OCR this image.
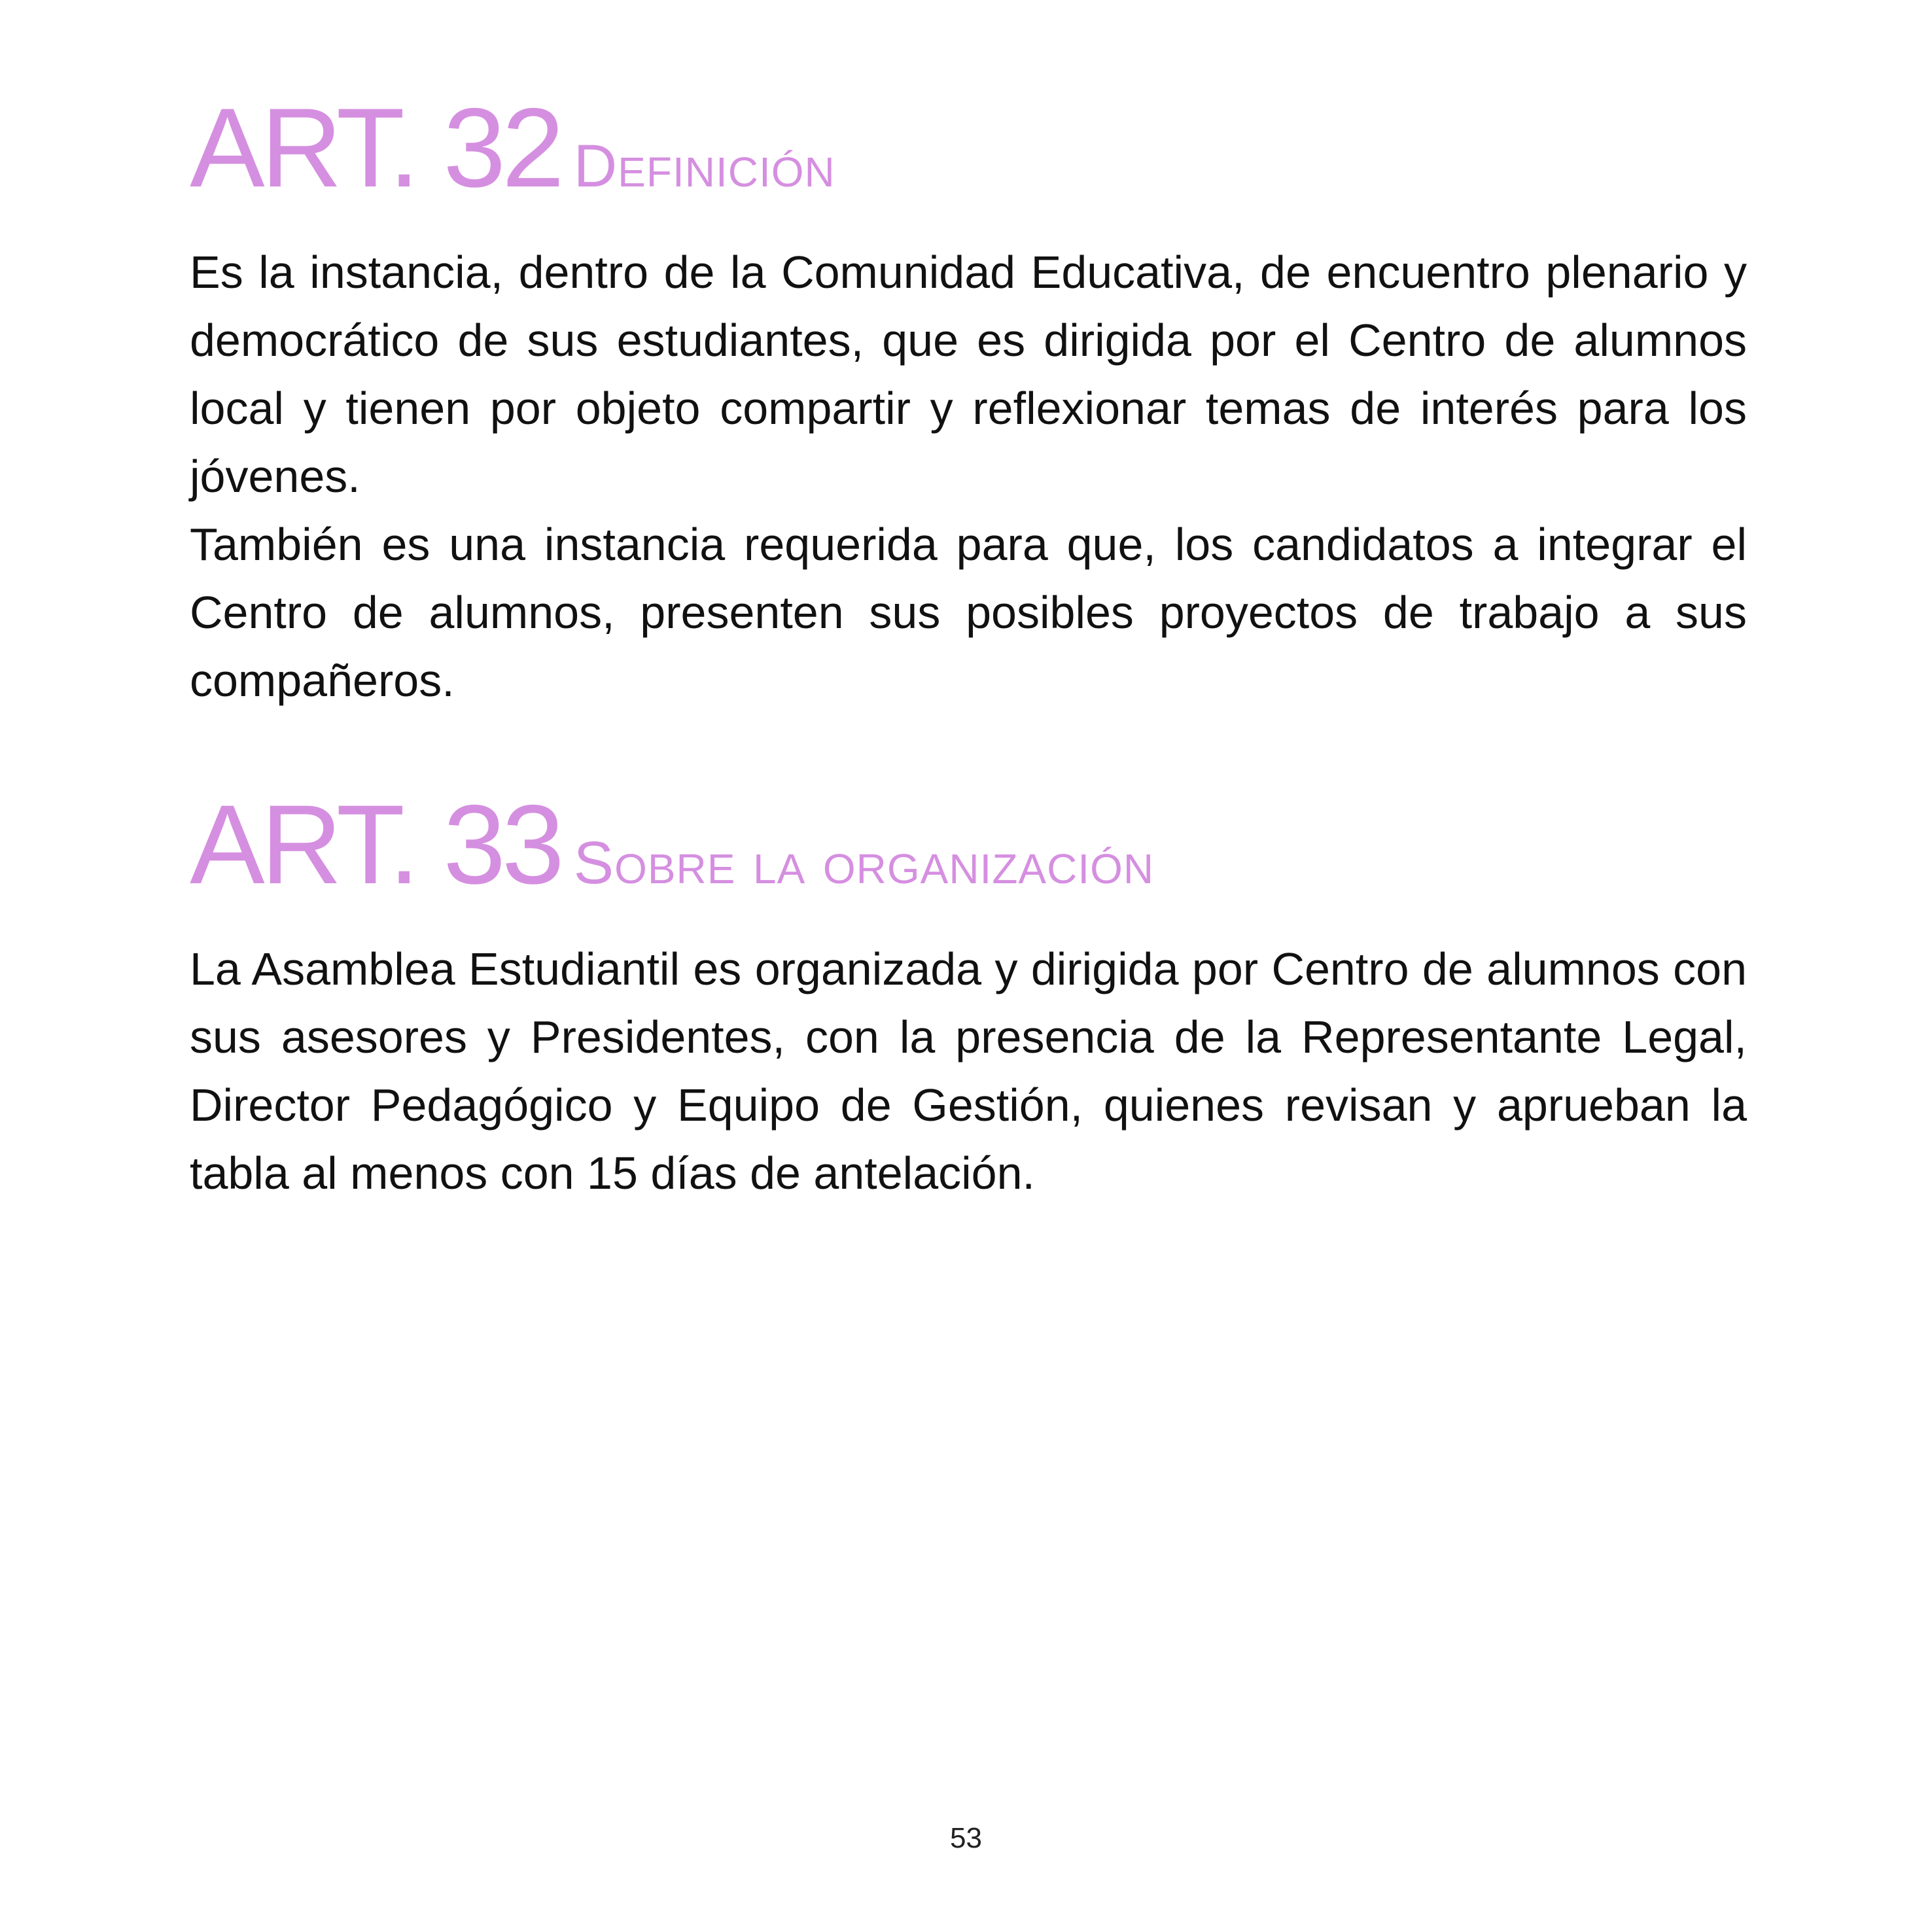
ART. 32 Definición

Es la instancia, dentro de la Comunidad Educativa, de encuentro plenario y democrático de sus estudiantes, que es dirigida por el Centro de alumnos local y tienen por objeto compartir y reflexionar temas de interés para los jóvenes.

También es una instancia requerida para que, los candidatos a integrar el Centro de alumnos, presenten sus posibles proyectos de trabajo a sus compañeros.

ART. 33 Sobre la organización

La Asamblea Estudiantil es organizada y dirigida por Centro de alumnos con sus asesores y Presidentes, con la presencia de la Representante Legal, Director Pedagógico y Equipo de Gestión, quienes revisan y aprueban la tabla al menos con 15 días de antelación.

53
